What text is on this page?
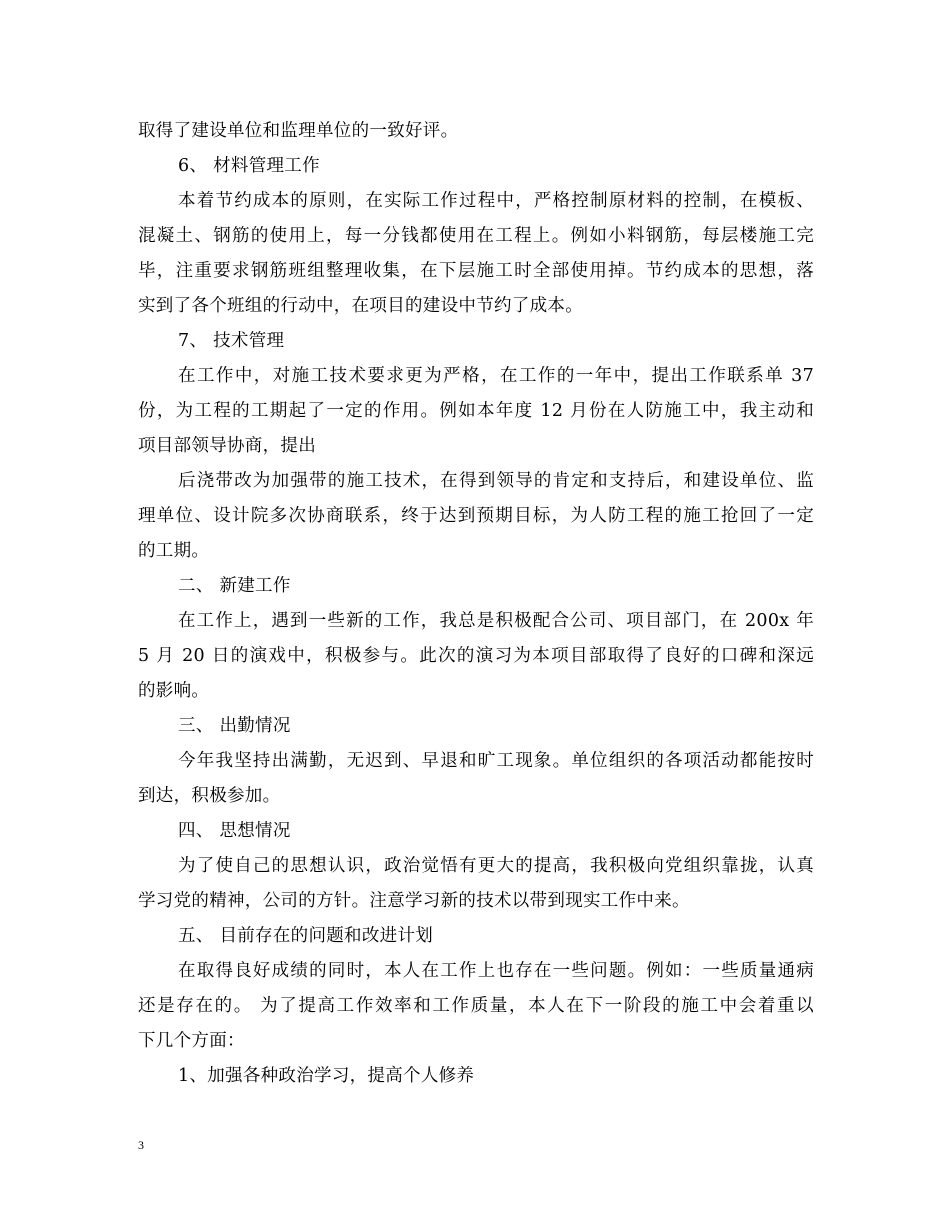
取得了建设单位和监理单位的一致好评。
6、 材料管理工作
本着节约成本的原则，在实际工作过程中，严格控制原材料的控制，在模板、
混凝土、钢筋的使用上，每一分钱都使用在工程上。例如小料钢筋，每层楼施工完
毕，注重要求钢筋班组整理收集，在下层施工时全部使用掉。节约成本的思想，落
实到了各个班组的行动中，在项目的建设中节约了成本。
7、 技术管理
在工作中，对施工技术要求更为严格，在工作的一年中，提出工作联系单 37
份，为工程的工期起了一定的作用。例如本年度 12 月份在人防施工中，我主动和
项目部领导协商，提出
后浇带改为加强带的施工技术，在得到领导的肯定和支持后，和建设单位、监
理单位、设计院多次协商联系，终于达到预期目标，为人防工程的施工抢回了一定
的工期。
二、 新建工作
在工作上，遇到一些新的工作，我总是积极配合公司、项目部门，在 200x 年
5 月 20 日的演戏中，积极参与。此次的演习为本项目部取得了良好的口碑和深远
的影响。
三、 出勤情况
今年我坚持出满勤，无迟到、早退和旷工现象。单位组织的各项活动都能按时
到达，积极参加。
四、 思想情况
为了使自己的思想认识，政治觉悟有更大的提高，我积极向党组织靠拢，认真
学习党的精神，公司的方针。注意学习新的技术以带到现实工作中来。
五、 目前存在的问题和改进计划
在取得良好成绩的同时，本人在工作上也存在一些问题。例如：一些质量通病
还是存在的。 为了提高工作效率和工作质量，本人在下一阶段的施工中会着重以
下几个方面：
1、加强各种政治学习，提高个人修养
3
